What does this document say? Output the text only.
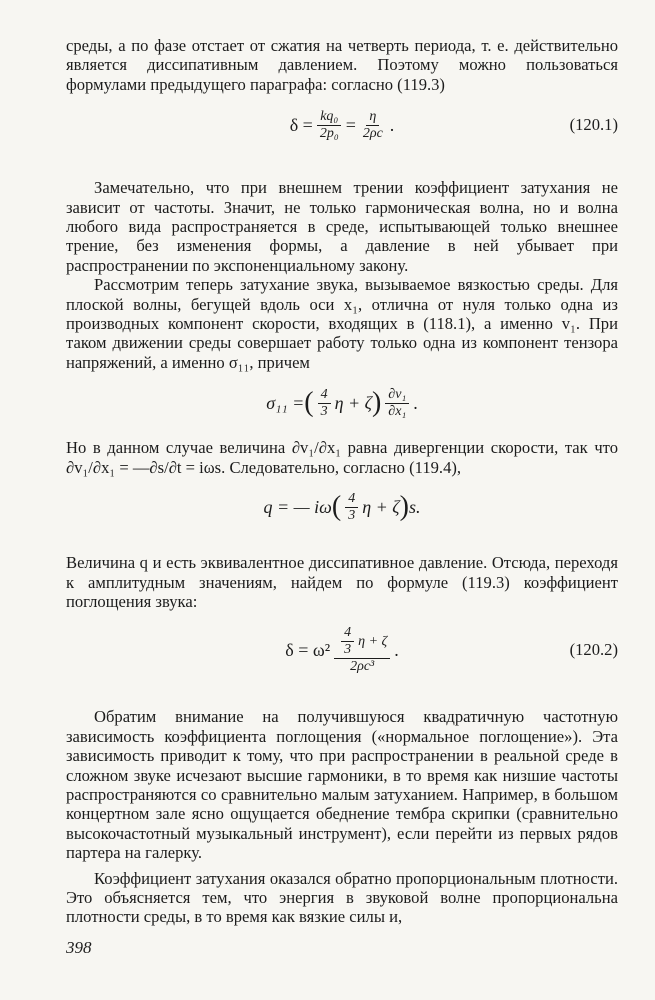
среды, а по фазе отстает от сжатия на четверть периода, т. е. действительно является диссипативным давлением. Поэтому можно пользоваться формулами предыдущего параграфа: согласно (119.3)

$\delta = \frac{\text{kq₀}}{\text{2p₀}} = \frac{\eta}{2\rho c}$ .	(120.1)

Замечательно, что при внешнем трении коэффициент затухания не зависит от частоты. Значит, не только гармоническая волна, но и волна любого вида распространяется в среде, испытывающей только внешнее трение, без изменения формы, а давление в ней убывает при распространении по экспоненциальному закону.

Рассмотрим теперь затухание звука, вызываемое вязкостью среды. Для плоской волны, бегущей вдоль оси x₁, отлична от нуля только одна из производных компонент скорости, входящих в (118.1), а именно v₁. При таком движении среды совершает работу только одна из компонент тензора напряжений, а именно σ₁₁, причем

σ₁₁ = ( $\frac{4}{3}$ η + ζ ) $\frac{\text{∂v₁}}{\text{∂x₁}}$ .

Но в данном случае величина ∂v₁/∂x₁ равна дивергенции скорости, так что ∂v₁/∂x₁ = —∂s/∂t = iωs. Следовательно, согласно (119.4),

q = — iω ( $\frac{4}{3}$ η + ζ ) s.

Величина q и есть эквивалентное диссипативное давление. Отсюда, переходя к амплитудным значениям, найдем по формуле (119.3) коэффициент поглощения звука:

$\delta = \omega^2 \frac{\frac{4}{3} \eta + \zeta}{\text{2ρc³}}$ .	(120.2)

Обратим внимание на получившуюся квадратичную частотную зависимость коэффициента поглощения («нормальное поглощение»). Эта зависимость приводит к тому, что при распространении в реальной среде в сложном звуке исчезают высшие гармоники, в то время как низшие частоты распространяются со сравнительно малым затуханием. Например, в большом концертном зале ясно ощущается обеднение тембра скрипки (сравнительно высокочастотный музыкальный инструмент), если перейти из первых рядов партера на галерку.

Коэффициент затухания оказался обратно пропорциональным плотности. Это объясняется тем, что энергия в звуковой волне пропорциональна плотности среды, в то время как вязкие силы и,

398
